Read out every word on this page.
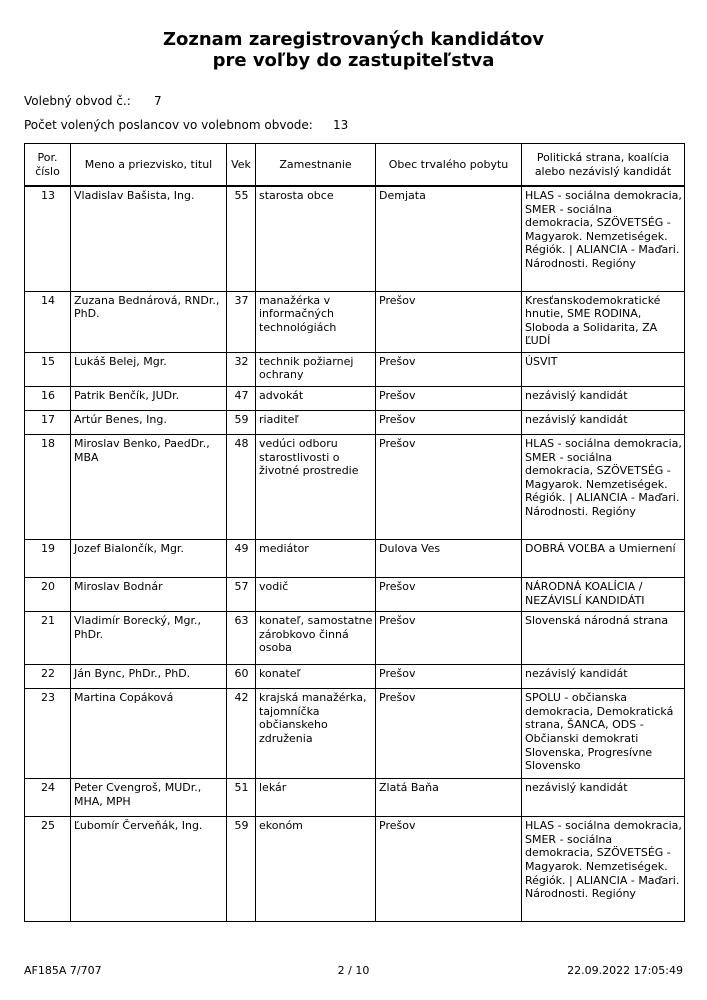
Zoznam zaregistrovaných kandidátov
pre voľby do zastupiteľstva
Volebný obvod č.: 7
Počet volených poslancov vo volebnom obvode: 13
Por. číslo	Meno a priezvisko, titul	Vek	Zamestnanie	Obec trvalého pobytu	Politická strana, koalícia alebo nezávislý kandidát
13	Vladislav Bašista, Ing.	55	starosta obce	Demjata	HLAS - sociálna demokracia, SMER - sociálna demokracia, SZÖVETSÉG - Magyarok. Nemzetiségek. Régiók. | ALIANCIA - Maďari. Národnosti. Regióny
14	Zuzana Bednárová, RNDr., PhD.	37	manažérka v informačných technológiách	Prešov	Kresťanskodemokratické hnutie, SME RODINA, Sloboda a Solidarita, ZA ĽUDÍ
15	Lukáš Belej, Mgr.	32	technik požiarnej ochrany	Prešov	ÚSVIT
16	Patrik Benčík, JUDr.	47	advokát	Prešov	nezávislý kandidát
17	Artúr Benes, Ing.	59	riaditeľ	Prešov	nezávislý kandidát
18	Miroslav Benko, PaedDr., MBA	48	vedúci odboru starostlivosti o životné prostredie	Prešov	HLAS - sociálna demokracia, SMER - sociálna demokracia, SZÖVETSÉG - Magyarok. Nemzetiségek. Régiók. | ALIANCIA - Maďari. Národnosti. Regióny
19	Jozef Bialončík, Mgr.	49	mediátor	Dulova Ves	DOBRÁ VOĽBA a Umiernení
20	Miroslav Bodnár	57	vodič	Prešov	NÁRODNÁ KOALÍCIA / NEZÁVISLÍ KANDIDÁTI
21	Vladimír Borecký, Mgr., PhDr.	63	konateľ, samostatne zárobkovo činná osoba	Prešov	Slovenská národná strana
22	Ján Bync, PhDr., PhD.	60	konateľ	Prešov	nezávislý kandidát
23	Martina Copáková	42	krajská manažérka, tajomníčka občianskeho združenia	Prešov	SPOLU - občianska demokracia, Demokratická strana, ŠANCA, ODS - Občianski demokrati Slovenska, Progresívne Slovensko
24	Peter Cvengroš, MUDr., MHA, MPH	51	lekár	Zlatá Baňa	nezávislý kandidát
25	Ľubomír Červeňák, Ing.	59	ekonóm	Prešov	HLAS - sociálna demokracia, SMER - sociálna demokracia, SZÖVETSÉG - Magyarok. Nemzetiségek. Régiók. | ALIANCIA - Maďari. Národnosti. Regióny
AF185A 7/707	2 / 10	22.09.2022 17:05:49
